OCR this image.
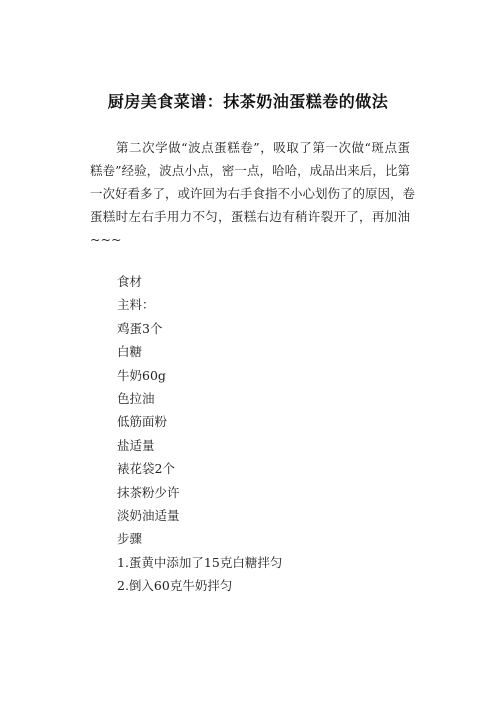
厨房美食菜谱：抹茶奶油蛋糕卷的做法
第二次学做“波点蛋糕卷”，吸取了第一次做“斑点蛋
糕卷”经验，波点小点，密一点，哈哈，成品出来后，比第
一次好看多了，或许回为右手食指不小心划伤了的原因，卷
蛋糕时左右手用力不匀，蛋糕右边有稍许裂开了，再加油
~~~
食材
主料：
鸡蛋3个
白糖
牛奶60g
色拉油
低筋面粉
盐适量
裱花袋2个
抹茶粉少许
淡奶油适量
步骤
1.蛋黄中添加了15克白糖拌匀
2.倒入60克牛奶拌匀
